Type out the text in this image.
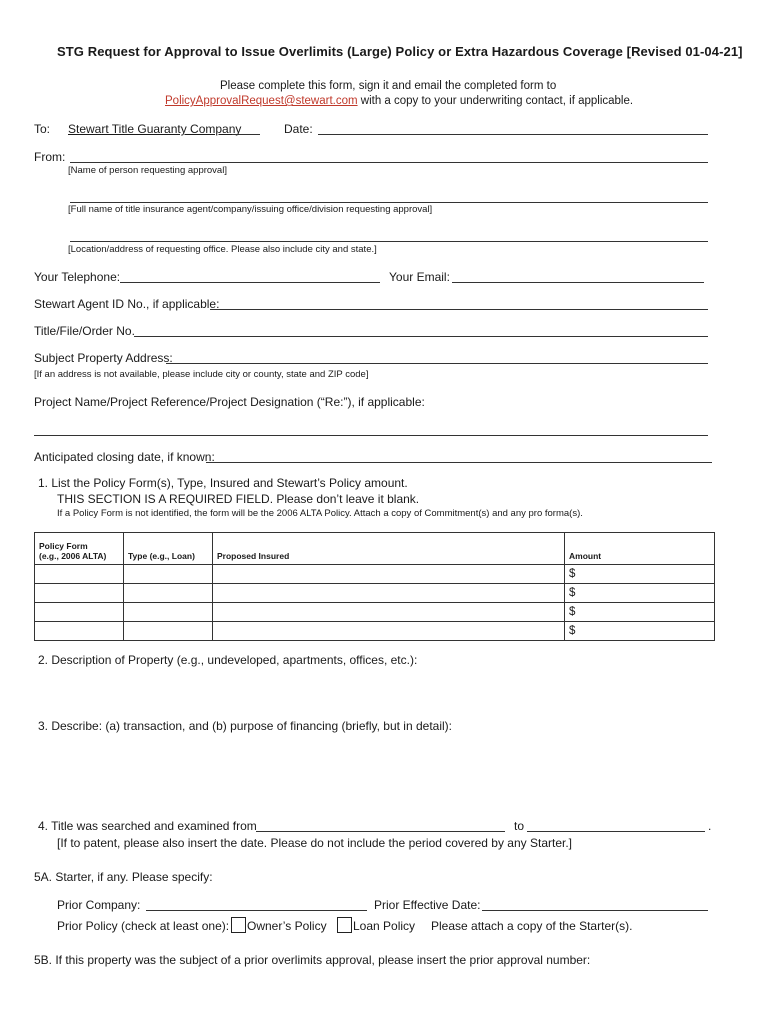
STG Request for Approval to Issue Overlimits (Large) Policy or Extra Hazardous Coverage [Revised 01-04-21]
Please complete this form, sign it and email the completed form to
PolicyApprovalRequest@stewart.com with a copy to your underwriting contact, if applicable.
To: Stewart Title Guaranty Company	Date:
From:
[Name of person requesting approval]
[Full name of title insurance agent/company/issuing office/division requesting approval]
[Location/address of requesting office. Please also include city and state.]
Your Telephone:	Your Email:
Stewart Agent ID No., if applicable:
Title/File/Order No.
Subject Property Address:
[If an address is not available, please include city or county, state and ZIP code]
Project Name/Project Reference/Project Designation (“Re:”), if applicable:
Anticipated closing date, if known:
1. List the Policy Form(s), Type, Insured and Stewart’s Policy amount.
THIS SECTION IS A REQUIRED FIELD. Please don’t leave it blank.
If a Policy Form is not identified, the form will be the 2006 ALTA Policy. Attach a copy of Commitment(s) and any pro forma(s).
Policy Form
(e.g., 2006 ALTA)	Type (e.g., Loan)	Proposed Insured	Amount
			$
			$
			$
			$
2. Description of Property (e.g., undeveloped, apartments, offices, etc.):
3. Describe: (a) transaction, and (b) purpose of financing (briefly, but in detail):
4. Title was searched and examined from	to	.
[If to patent, please also insert the date. Please do not include the period covered by any Starter.]
5A. Starter, if any. Please specify:
Prior Company:	Prior Effective Date:
Prior Policy (check at least one): Owner’s Policy Loan Policy Please attach a copy of the Starter(s).
5B. If this property was the subject of a prior overlimits approval, please insert the prior approval number:
